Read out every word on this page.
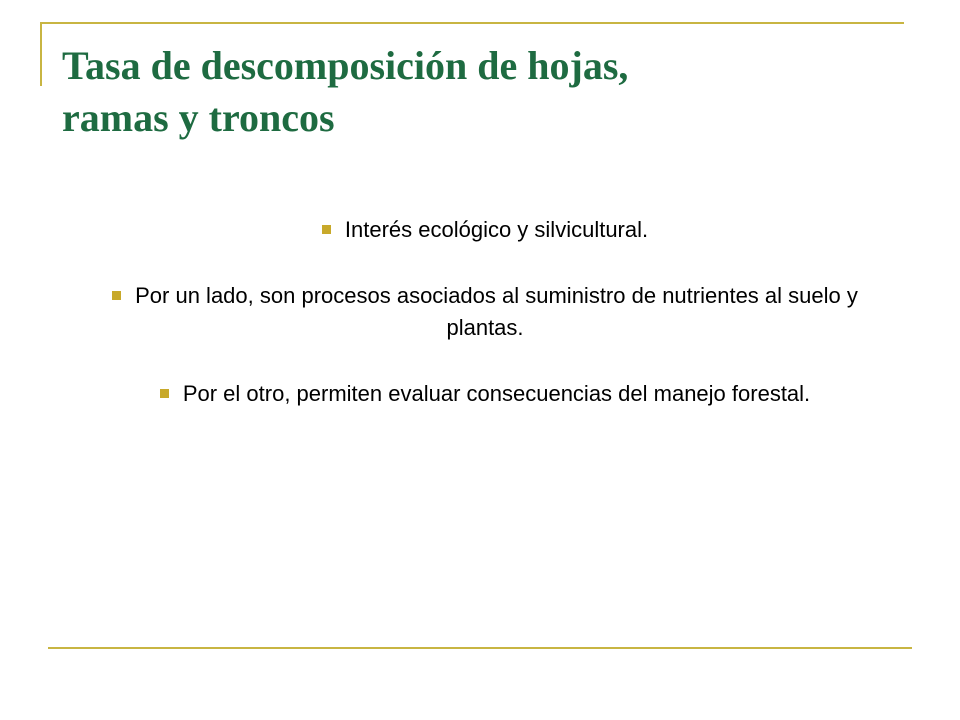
Tasa de descomposición de hojas,
ramas y troncos
Interés ecológico y silvicultural.
Por un lado, son procesos asociados al suministro de nutrientes al suelo y plantas.
Por el otro, permiten evaluar consecuencias del manejo forestal.
